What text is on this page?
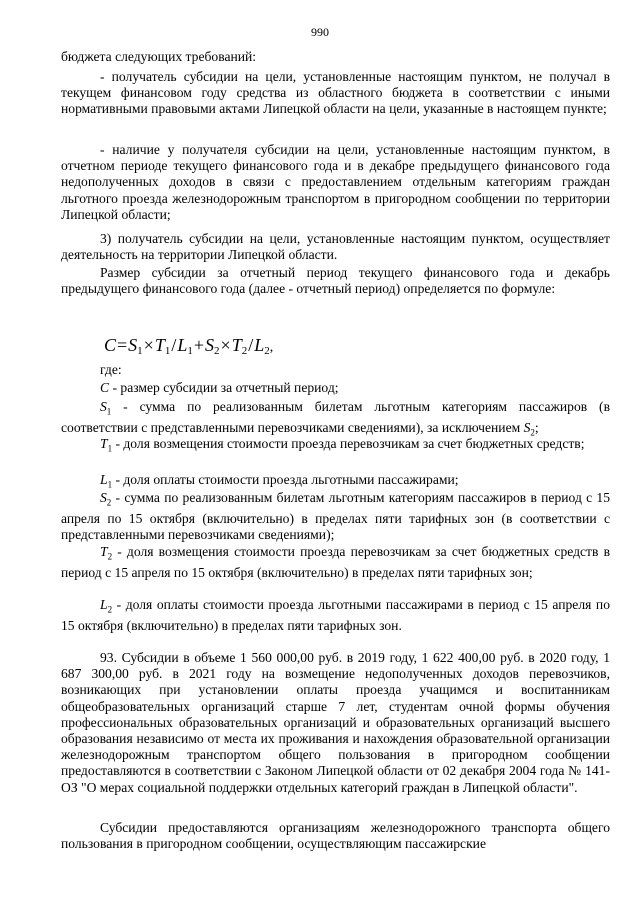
990

бюджета следующих требований:

- получатель субсидии на цели, установленные настоящим пунктом, не получал в текущем финансовом году средства из областного бюджета в соответствии с иными нормативными правовыми актами Липецкой области на цели, указанные в настоящем пункте;

- наличие у получателя субсидии на цели, установленные настоящим пунктом, в отчетном периоде текущего финансового года и в декабре предыдущего финансового года недополученных доходов в связи с предоставлением отдельным категориям граждан льготного проезда железнодорожным транспортом в пригородном сообщении по территории Липецкой области;

3) получатель субсидии на цели, установленные настоящим пунктом, осуществляет деятельность на территории Липецкой области.

Размер субсидии за отчетный период текущего финансового года и декабрь предыдущего финансового года (далее - отчетный период) определяется по формуле:

$C=S_1\times T_1/L_1+S_2\times T_2/L_2$,

где:

C - размер субсидии за отчетный период;

$S_1$ - сумма по реализованным билетам льготным категориям пассажиров (в соответствии с представленными перевозчиками сведениями), за исключением $S_2$;

$T_1$ - доля возмещения стоимости проезда перевозчикам за счет бюджетных средств;

$L_1$ - доля оплаты стоимости проезда льготными пассажирами;

$S_2$ - сумма по реализованным билетам льготным категориям пассажиров в период с 15 апреля по 15 октября (включительно) в пределах пяти тарифных зон (в соответствии с представленными перевозчиками сведениями);

$T_2$ - доля возмещения стоимости проезда перевозчикам за счет бюджетных средств в период с 15 апреля по 15 октября (включительно) в пределах пяти тарифных зон;

$L_2$ - доля оплаты стоимости проезда льготными пассажирами в период с 15 апреля по 15 октября (включительно) в пределах пяти тарифных зон.

93. Субсидии в объеме 1 560 000,00 руб. в 2019 году, 1 622 400,00 руб. в 2020 году, 1 687 300,00 руб. в 2021 году на возмещение недополученных доходов перевозчиков, возникающих при установлении оплаты проезда учащимся и воспитанникам общеобразовательных организаций старше 7 лет, студентам очной формы обучения профессиональных образовательных организаций и образовательных организаций высшего образования независимо от места их проживания и нахождения образовательной организации железнодорожным транспортом общего пользования в пригородном сообщении предоставляются в соответствии с Законом Липецкой области от 02 декабря 2004 года № 141-ОЗ "О мерах социальной поддержки отдельных категорий граждан в Липецкой области".

Субсидии предоставляются организациям железнодорожного транспорта общего пользования в пригородном сообщении, осуществляющим пассажирские
